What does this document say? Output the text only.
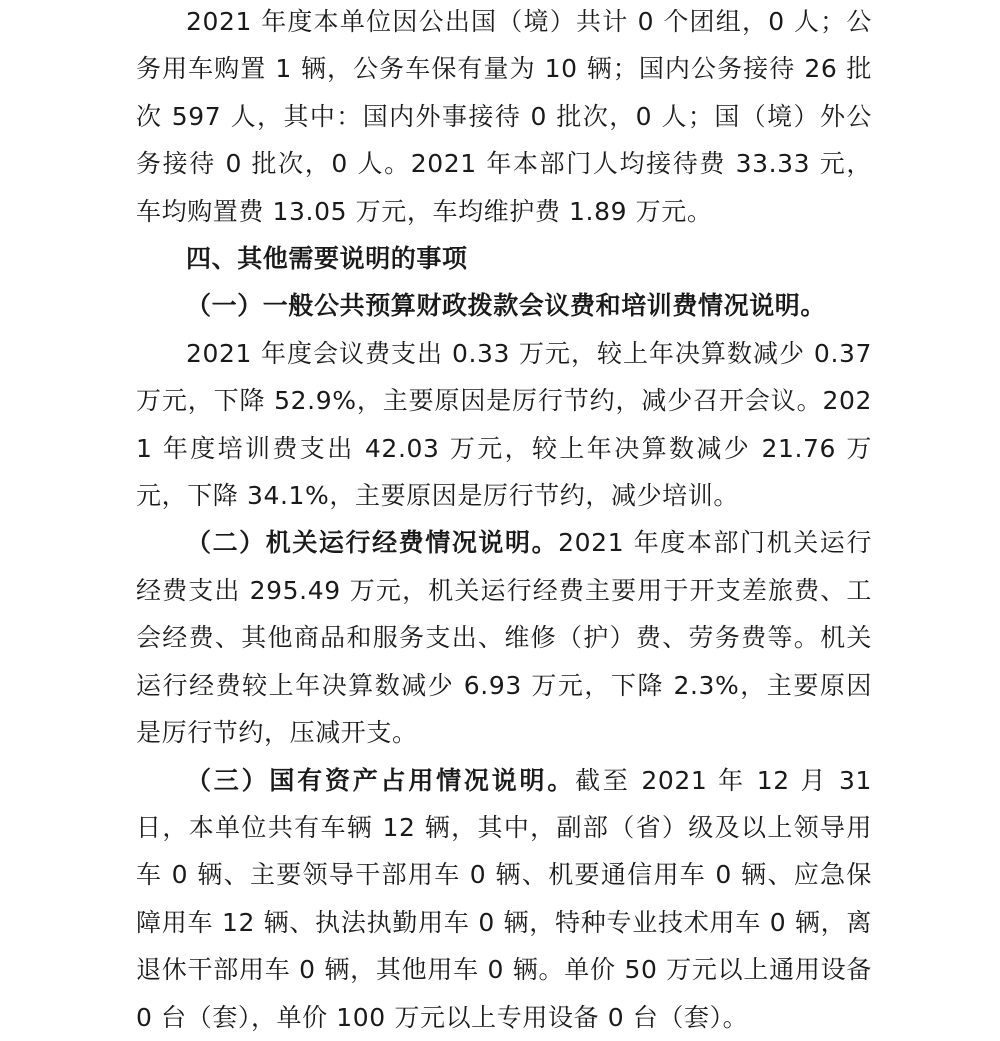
2021 年度本单位因公出国（境）共计 0 个团组，0 人；公务用车购置 1 辆，公务车保有量为 10 辆；国内公务接待 26 批次 597 人，其中：国内外事接待 0 批次，0 人；国（境）外公务接待 0 批次，0 人。2021 年本部门人均接待费 33.33 元，车均购置费 13.05 万元，车均维护费 1.89 万元。

四、其他需要说明的事项

（一）一般公共预算财政拨款会议费和培训费情况说明。

2021 年度会议费支出 0.33 万元，较上年决算数减少 0.37 万元，下降 52.9%，主要原因是厉行节约，减少召开会议。2021 年度培训费支出 42.03 万元，较上年决算数减少 21.76 万元，下降 34.1%，主要原因是厉行节约，减少培训。

（二）机关运行经费情况说明。2021 年度本部门机关运行经费支出 295.49 万元，机关运行经费主要用于开支差旅费、工会经费、其他商品和服务支出、维修（护）费、劳务费等。机关运行经费较上年决算数减少 6.93 万元，下降 2.3%，主要原因是厉行节约，压减开支。

（三）国有资产占用情况说明。截至 2021 年 12 月 31 日，本单位共有车辆 12 辆，其中，副部（省）级及以上领导用车 0 辆、主要领导干部用车 0 辆、机要通信用车 0 辆、应急保障用车 12 辆、执法执勤用车 0 辆，特种专业技术用车 0 辆，离退休干部用车 0 辆，其他用车 0 辆。单价 50 万元以上通用设备 0 台（套），单价 100 万元以上专用设备 0 台（套）。
